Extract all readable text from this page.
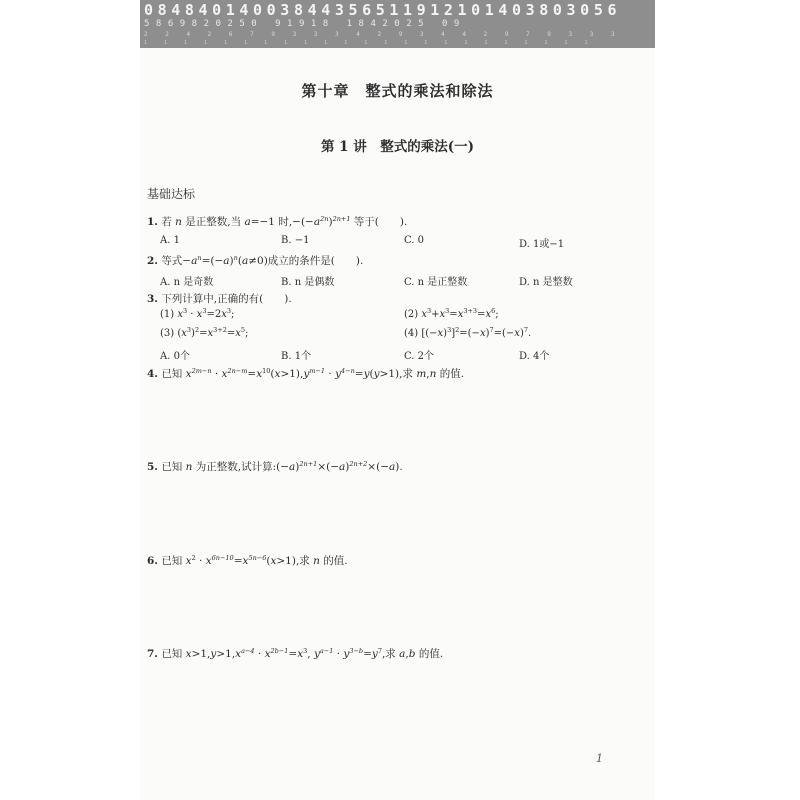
08484014003844356511912101403803056
5869820250 91918 1842025 09
2 2 4 2 6 7 9 3 3 3 4 2 9 3 4 4 2 9 7 9 3 3 3
1 1 1 1 1 1 1 1 1 1 1 1 1 1 1 1 1 1 1 1 1 1 1
第十章　整式的乘法和除法
第 1 讲　整式的乘法(一)
基础达标
1. 若 n 是正整数,当 a=−1 时$,-(-a^{2n})^{2n+1}$ 等于(　　).
A. 1	B. −1	C. 0	D. 1或−1
2. 等式$-a^n=(-a)^n(a\ne 0)$成立的条件是(　　).
A. n 是奇数	B. n 是偶数	C. n 是正整数	D. n 是整数
3. 下列计算中,正确的有(　　).
(1) $x^3 \cdot x^3=2x^3$;	(2) $x^3+x^3=x^{3+3}=x^6$;
(3) $(x^3)^2=x^{3+2}=x^5$;	(4) $[(-x)^3]^2=(-x)^7=(-x)^7$.
A. 0个	B. 1个	C. 2个	D. 4个
4. 已知 $x^{2m-n} \cdot x^{2n-m}=x^{10}(x>1),y^{m-1} \cdot y^{4-n}=y(y>1)$,求 m,n 的值.
5. 已知 n 为正整数,试计算$:(-a)^{2n+1}\times(-a)^{2n+2}\times(-a)$.
6. 已知 $x^2 \cdot x^{6n-10}=x^{5n-6}(x>1)$,求 n 的值.
7. 已知 $x>1,y>1,x^{a-4} \cdot x^{2b-1}=x^3$, $y^{a-1} \cdot y^{3-b}=y^7$,求 a,b 的值.
1
